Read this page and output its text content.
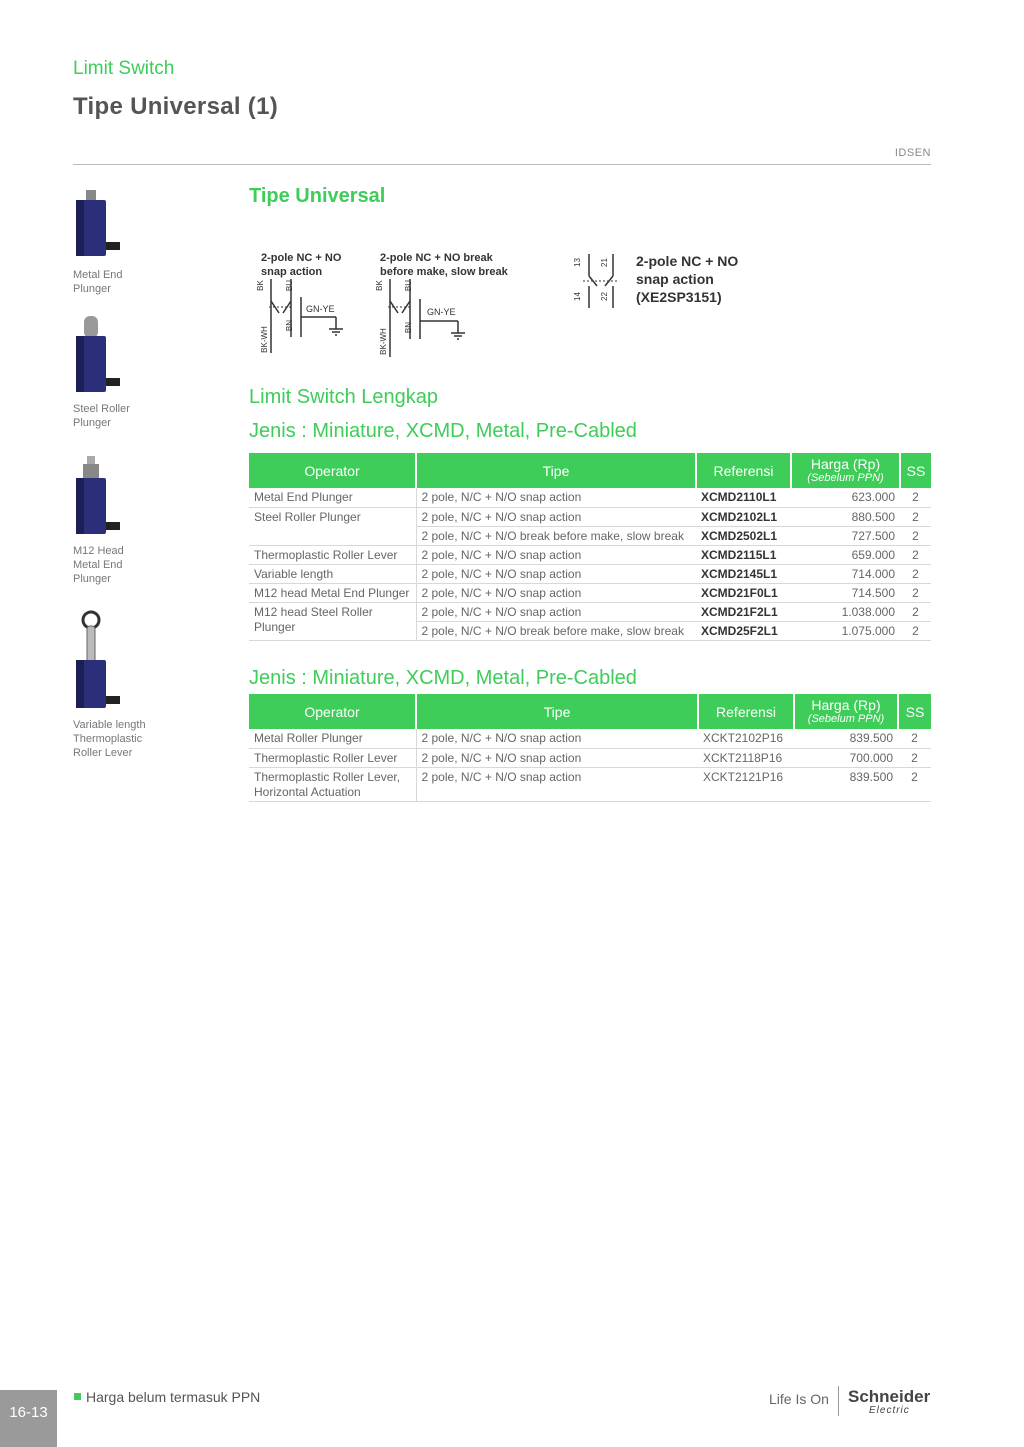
Limit Switch
Tipe Universal (1)
IDSEN
Metal End
Plunger
Steel Roller
Plunger
M12 Head
Metal End
Plunger
Variable length
Thermoplastic
Roller Lever
Tipe Universal
2-pole NC + NO
snap action
BK	BU
BK-WH
BN
GN-YE
2-pole NC + NO break
before make, slow break
BK	BU
BK-WH
BN
GN-YE
13 21
14 22
2-pole NC + NO
snap action
(XE2SP3151)
Limit Switch Lengkap
Jenis : Miniature, XCMD, Metal, Pre-Cabled
Operator	Tipe	Referensi	Harga (Rp)
(Sebelum PPN)	SS
Metal End Plunger	2 pole, N/C + N/O snap action	XCMD2110L1	623.000	2
Steel Roller Plunger	2 pole, N/C + N/O snap action	XCMD2102L1	880.500	2
	2 pole, N/C + N/O break before make, slow break	XCMD2502L1	727.500	2
Thermoplastic Roller Lever	2 pole, N/C + N/O snap action	XCMD2115L1	659.000	2
Variable length	2 pole, N/C + N/O snap action	XCMD2145L1	714.000	2
M12 head Metal End Plunger	2 pole, N/C + N/O snap action	XCMD21F0L1	714.500	2
M12 head Steel Roller Plunger	2 pole, N/C + N/O snap action	XCMD21F2L1	1.038.000	2
	2 pole, N/C + N/O break before make, slow break	XCMD25F2L1	1.075.000	2
Jenis : Miniature, XCMD, Metal, Pre-Cabled
Operator	Tipe	Referensi	Harga (Rp)
(Sebelum PPN)	SS
Metal Roller Plunger	2 pole, N/C + N/O snap action	XCKT2102P16	839.500	2
Thermoplastic Roller Lever	2 pole, N/C + N/O snap action	XCKT2118P16	700.000	2
Thermoplastic Roller Lever, Horizontal Actuation	2 pole, N/C + N/O snap action	XCKT2121P16	839.500	2
16-13
Harga belum termasuk PPN	Life Is On Schneider
Electric
